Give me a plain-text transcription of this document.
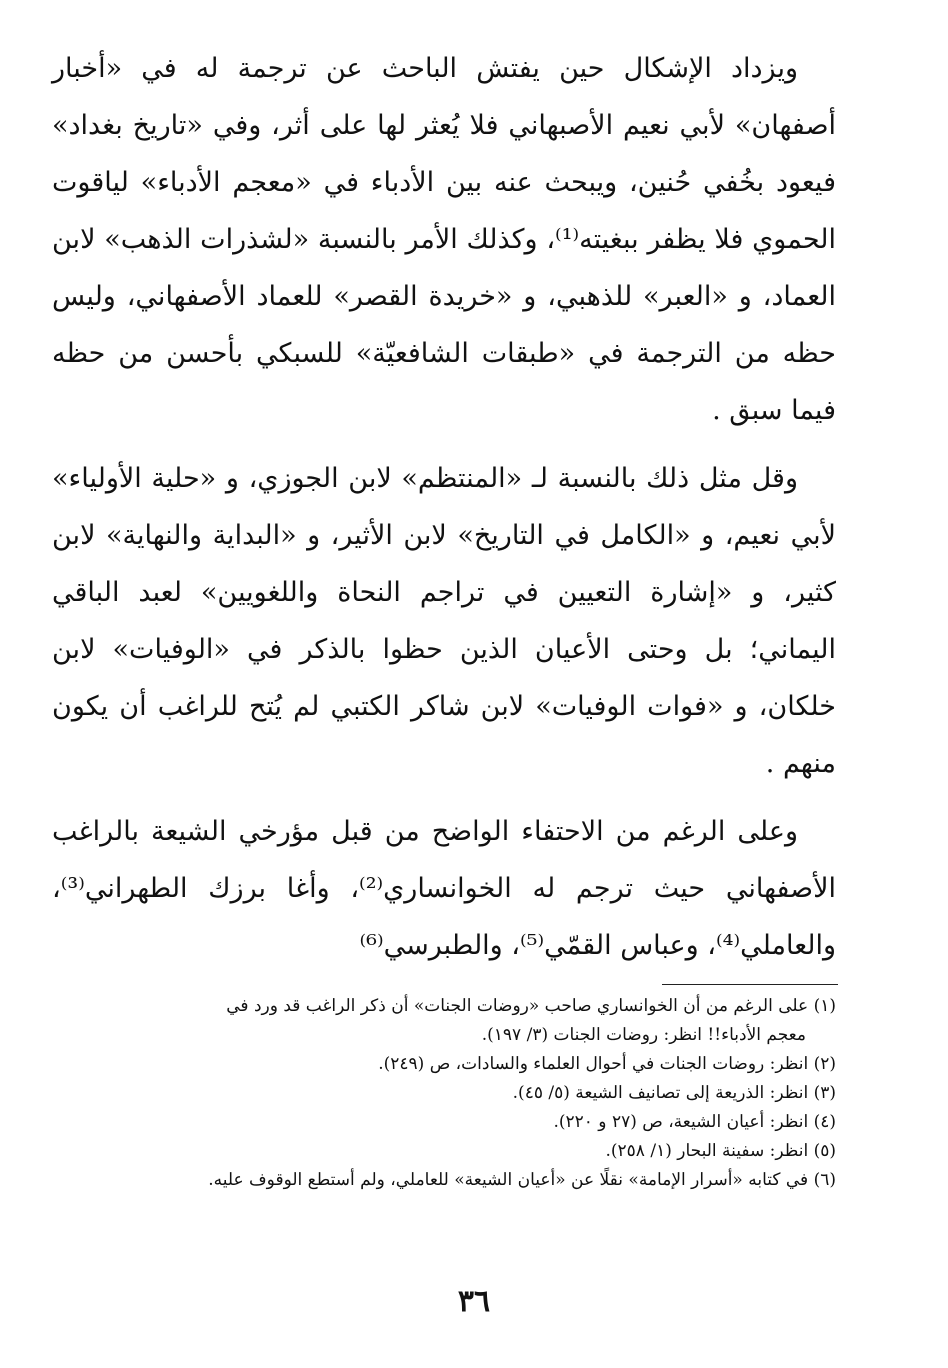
ويزداد الإشكال حين يفتش الباحث عن ترجمة له في «أخبار أصفهان» لأبي نعيم الأصبهاني فلا يُعثر لها على أثر، وفي «تاريخ بغداد» فيعود بخُفي حُنين، ويبحث عنه بين الأدباء في «معجم الأدباء» لياقوت الحموي فلا يظفر ببغيته⁽¹⁾، وكذلك الأمر بالنسبة «لشذرات الذهب» لابن العماد، و «العبر» للذهبي، و «خريدة القصر» للعماد الأصفهاني، وليس حظه من الترجمة في «طبقات الشافعيّة» للسبكي بأحسن من حظه فيما سبق .

وقل مثل ذلك بالنسبة لـ «المنتظم» لابن الجوزي، و «حلية الأولياء» لأبي نعيم، و «الكامل في التاريخ» لابن الأثير، و «البداية والنهاية» لابن كثير، و «إشارة التعيين في تراجم النحاة واللغويين» لعبد الباقي اليماني؛ بل وحتى الأعيان الذين حظوا بالذكر في «الوفيات» لابن خلكان، و «فوات الوفيات» لابن شاكر الكتبي لم يُتح للراغب أن يكون منهم .

وعلى الرغم من الاحتفاء الواضح من قبل مؤرخي الشيعة بالراغب الأصفهاني حيث ترجم له الخوانساري⁽²⁾، وأغا برزك الطهراني⁽³⁾، والعاملي⁽⁴⁾، وعباس القمّي⁽⁵⁾، والطبرسي⁽⁶⁾

(١) على الرغم من أن الخوانساري صاحب «روضات الجنات» أن ذكر الراغب قد ورد في

معجم الأدباء!! انظر: روضات الجنات (٣/ ١٩٧).

(٢) انظر: روضات الجنات في أحوال العلماء والسادات، ص (٢٤٩).

(٣) انظر: الذريعة إلى تصانيف الشيعة (٥/ ٤٥).

(٤) انظر: أعيان الشيعة، ص (٢٧ و ٢٢٠).

(٥) انظر: سفينة البحار (١/ ٢٥٨).

(٦) في كتابه «أسرار الإمامة» نقلًا عن «أعيان الشيعة» للعاملي، ولم أستطع الوقوف عليه.

٣٦
